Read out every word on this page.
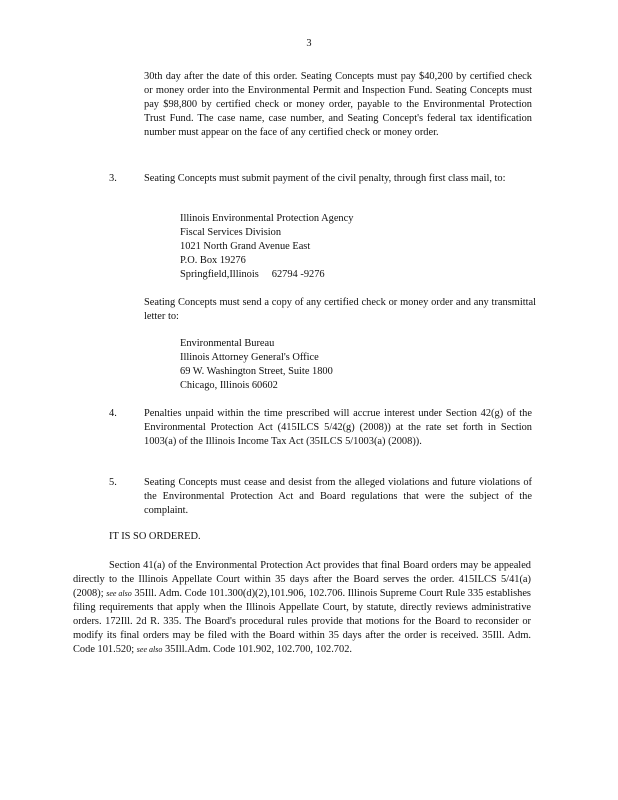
3
30th day after the date of this order. Seating Concepts must pay $40,200 by certified check or money order into the Environmental Permit and Inspection Fund. Seating Concepts must pay $98,800 by certified check or money order, payable to the Environmental Protection Trust Fund. The case name, case number, and Seating Concept's federal tax identification number must appear on the face of any certified check or money order.
3.	Seating Concepts must submit payment of the civil penalty, through first class mail, to:
Illinois Environmental Protection Agency
Fiscal Services Division
1021 North Grand Avenue East
P.O. Box 19276
Springfield,Illinois     62794 -9276
Seating Concepts must send a copy of any certified check or money order and any transmittal letter to:
Environmental Bureau
Illinois Attorney General's Office
69 W. Washington Street, Suite 1800
Chicago, Illinois 60602
4.	Penalties unpaid within the time prescribed will accrue interest under Section 42(g) of the Environmental Protection Act (415ILCS 5/42(g) (2008)) at the rate set forth in Section 1003(a) of the Illinois Income Tax Act (35ILCS 5/1003(a) (2008)).
5.	Seating Concepts must cease and desist from the alleged violations and future violations of the Environmental Protection Act and Board regulations that were the subject of the complaint.
IT IS SO ORDERED.
Section 41(a) of the Environmental Protection Act provides that final Board orders may be appealed directly to the Illinois Appellate Court within 35 days after the Board serves the order. 415ILCS 5/41(a) (2008); see also 35Ill. Adm. Code 101.300(d)(2),101.906, 102.706. Illinois Supreme Court Rule 335 establishes filing requirements that apply when the Illinois Appellate Court, by statute, directly reviews administrative orders. 172Ill. 2d R. 335. The Board's procedural rules provide that motions for the Board to reconsider or modify its final orders may be filed with the Board within 35 days after the order is received. 35Ill. Adm. Code 101.520; see also 35Ill.Adm. Code 101.902, 102.700, 102.702.
